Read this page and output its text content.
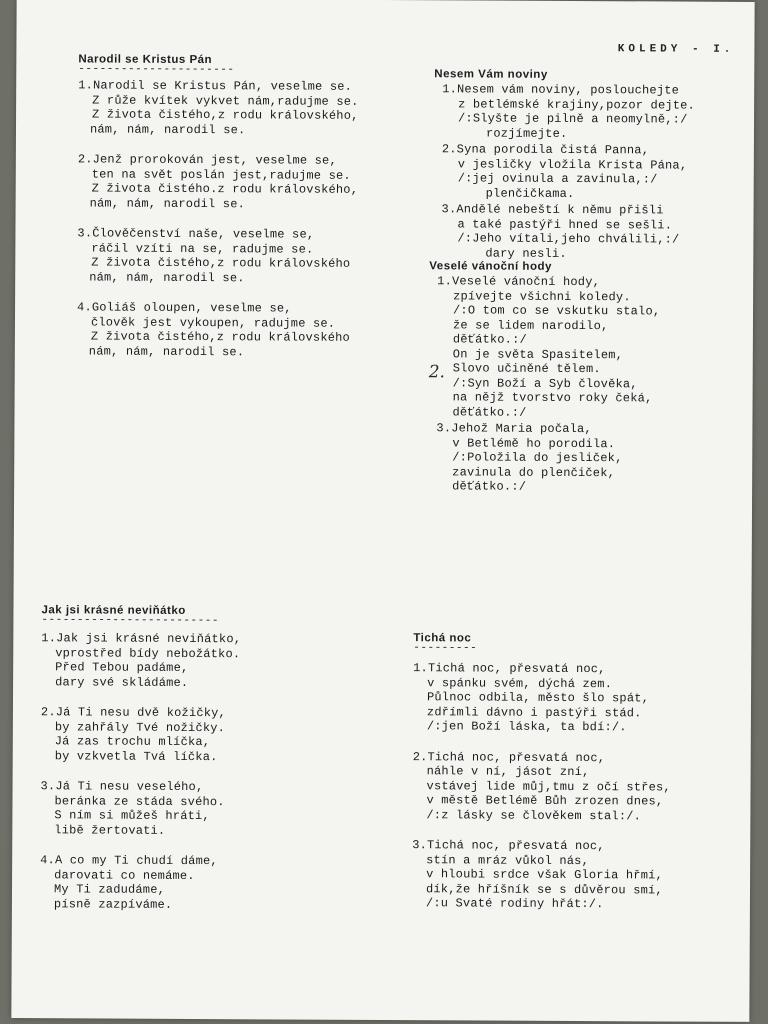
KOLEDY - I.
Narodil se Kristus Pán
----------------------
1.Narodil se Kristus Pán, veselme se.
Z růže kvítek vykvet nám,radujme se.
Z života čistého,z rodu královského,
nám, nám, narodil se.
2.Jenž prorokován jest, veselme se,
ten na svět poslán jest,radujme se.
Z života čistého.z rodu královského,
nám, nám, narodil se.
3.Člověčenství naše, veselme se,
ráčil vzíti na se, radujme se.
Z života čistého,z rodu královského
nám, nám, narodil se.
4.Goliáš oloupen, veselme se,
člověk jest vykoupen, radujme se.
Z života čistého,z rodu královského
nám, nám, narodil se.
Nesem Vám noviny
1.Nesem vám noviny, poslouchejte
z betlémské krajiny,pozor dejte.
/:Slyšte je pilně a neomylně,:/
rozjímejte.
2.Syna porodila čistá Panna,
v jesličky vložila Krista Pána,
/:jej ovinula a zavinula,:/
plenčičkama.
3.Andělé nebeští k němu přišli
a také pastýři hned se sešli.
/:Jeho vítali,jeho chválili,:/
dary nesli.
Veselé vánoční hody
1.Veselé vánoční hody,
zpívejte všichni koledy.
/:O tom co se vskutku stalo,
že se lidem narodilo,
děťátko.:/
On je světa Spasitelem,
Slovo učiněné tělem.
/:Syn Boží a Syb člověka,
na nějž tvorstvo roky čeká,
děťátko.:/
3.Jehož Maria počala,
v Betlémě ho porodila.
/:Položila do jesliček,
zavinula do plenčiček,
děťátko.:/
2.
Jak jsi krásné neviňátko
-------------------------
1.Jak jsi krásné neviňátko,
vprostřed bídy nebožátko.
Před Tebou padáme,
dary své skládáme.
2.Já Ti nesu dvě kožičky,
by zahřály Tvé nožičky.
Já zas trochu mlíčka,
by vzkvetla Tvá líčka.
3.Já Ti nesu veselého,
beránka ze stáda svého.
S ním si můžeš hráti,
libě žertovati.
4.A co my Ti chudí dáme,
darovati co nemáme.
My Ti zadudáme,
písně zazpíváme.
Tichá noc
---------
1.Tichá noc, přesvatá noc,
v spánku svém, dýchá zem.
Půlnoc odbila, město šlo spát,
zdřímli dávno i pastýři stád.
/:jen Boží láska, ta bdí:/.
2.Tichá noc, přesvatá noc,
náhle v ní, jásot zní,
vstávej lide můj,tmu z očí střes,
v městě Betlémě Bůh zrozen dnes,
/:z lásky se člověkem stal:/.
3.Tichá noc, přesvatá noc,
stín a mráz vůkol nás,
v hloubi srdce však Gloria hřmí,
dík,že hříšník se s důvěrou smí,
/:u Svaté rodiny hřát:/.
